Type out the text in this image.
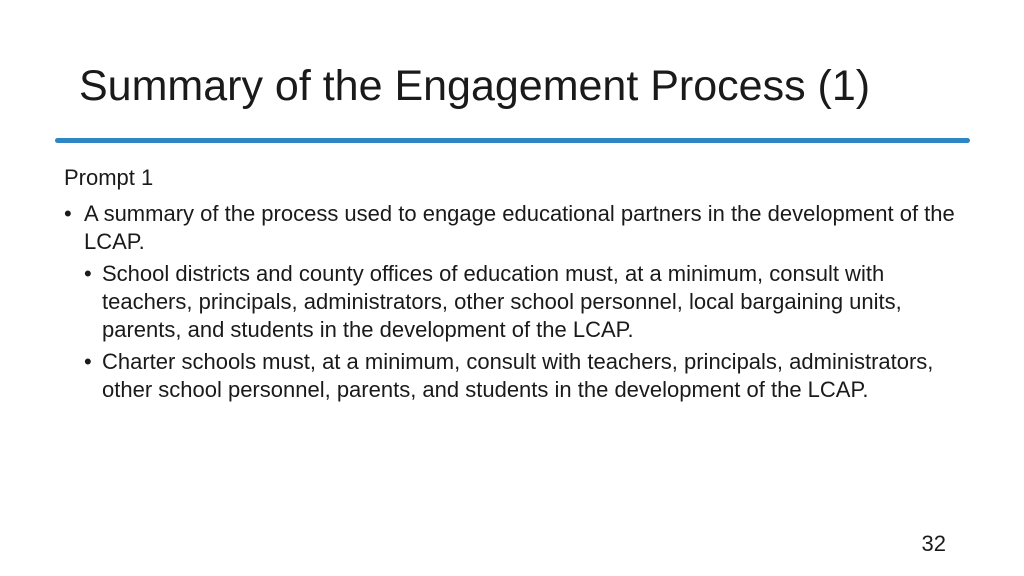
Summary of the Engagement Process (1)

Prompt 1

• A summary of the process used to engage educational partners in the development of the LCAP.
• School districts and county offices of education must, at a minimum, consult with teachers, principals, administrators, other school personnel, local bargaining units, parents, and students in the development of the LCAP.
• Charter schools must, at a minimum, consult with teachers, principals, administrators, other school personnel, parents, and students in the development of the LCAP.
32
